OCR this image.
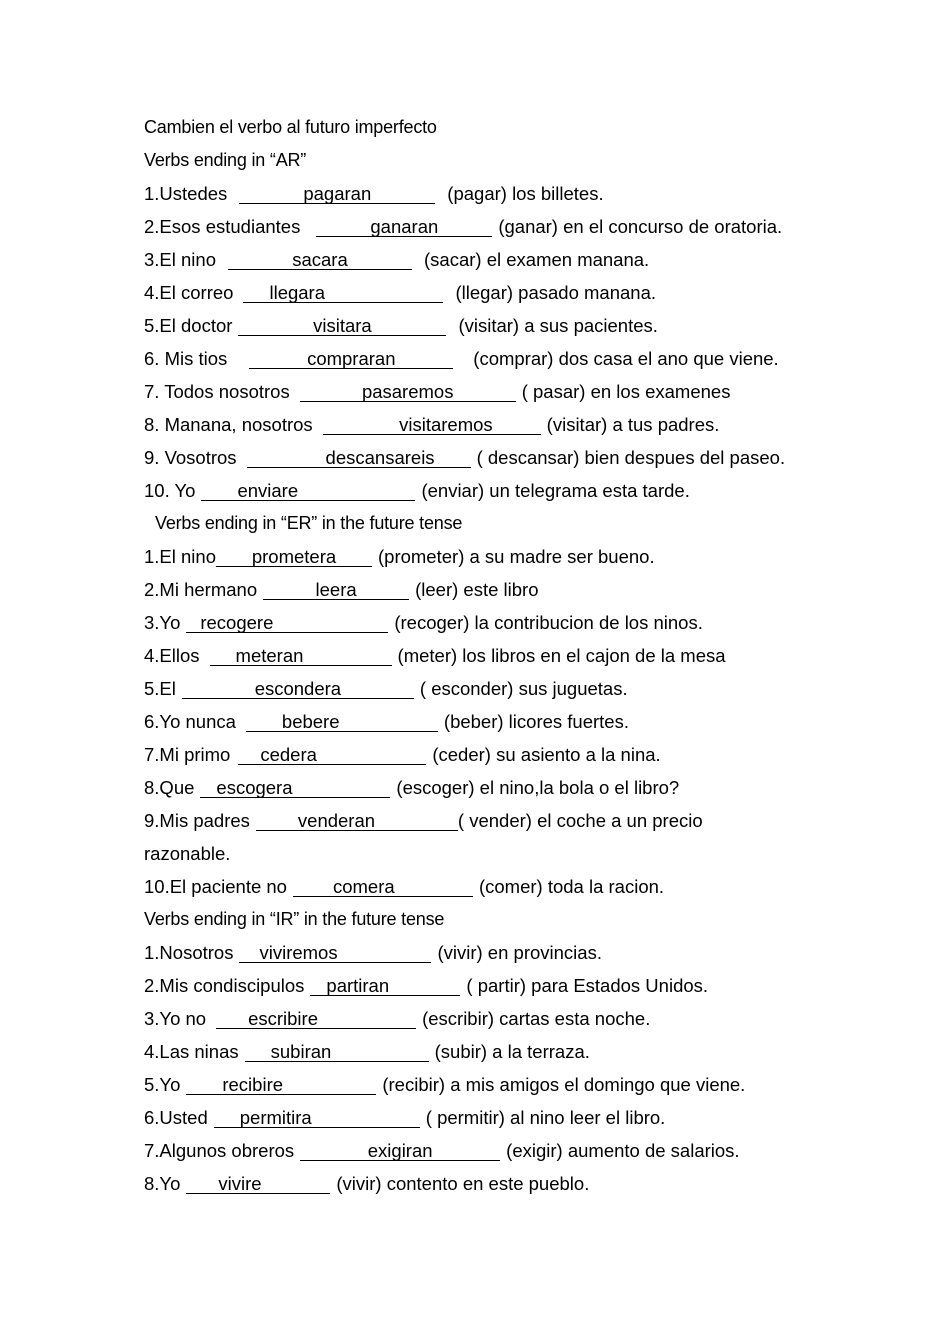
Cambien el verbo al futuro imperfecto
Verbs ending in “AR”
1.Ustedes	pagaran	(pagar) los billetes.
2.Esos estudiantes	ganaran	(ganar) en el concurso de oratoria.
3.El nino	sacara	(sacar) el examen manana.
4.El correo llegara	(llegar) pasado manana.
5.El doctor	visitara	(visitar) a sus pacientes.
6. Mis tios	compraran	(comprar) dos casa el ano que viene.
7. Todos nosotros	pasaremos	( pasar) en los examenes
8. Manana, nosotros	visitaremos	(visitar) a tus padres.
9. Vosotros	descansareis ( descansar) bien despues del paseo.
10. Yo enviare	(enviar) un telegrama esta tarde.
Verbs ending in “ER” in the future tense
1.El nino prometera (prometer) a su madre ser bueno.
2.Mi hermano	leera	(leer) este libro
3.Yo recogere	(recoger) la contribucion de los ninos.
4.Ellos meteran	(meter) los libros en el cajon de la mesa
5.El	escondera	( esconder) sus juguetas.
6.Yo nunca bebere	(beber) licores fuertes.
7.Mi primo cedera	(ceder) su asiento a la nina.
8.Que escogera	(escoger) el nino,la bola o el libro?
9.Mis padres	venderan	( vender) el coche a un precio
razonable.
10.El paciente no comera	(comer) toda la racion.
Verbs ending in “IR” in the future tense
1.Nosotros viviremos	(vivir) en provincias.
2.Mis condiscipulos partiran	( partir) para Estados Unidos.
3.Yo no escribire	(escribir) cartas esta noche.
4.Las ninas subiran	(subir) a la terraza.
5.Yo recibire	(recibir) a mis amigos el domingo que viene.
6.Usted permitira	( permitir) al nino leer el libro.
7.Algunos obreros	exigiran	(exigir) aumento de salarios.
8.Yo vivire	(vivir) contento en este pueblo.
